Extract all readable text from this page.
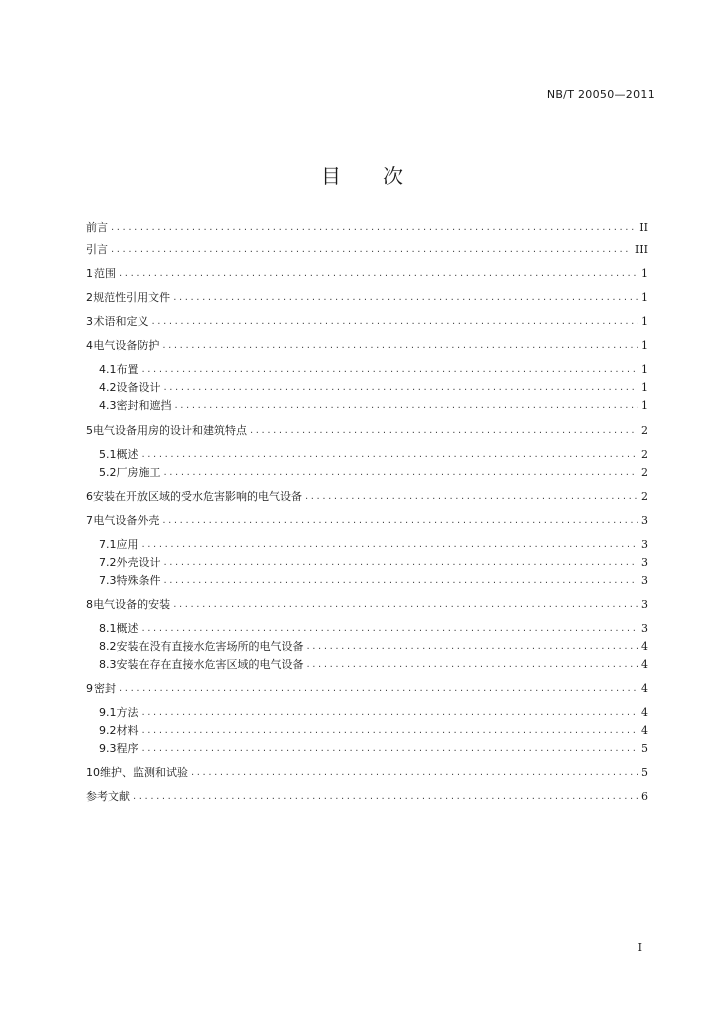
NB/T 20050—2011
目 次
前言 .....	II
引言 .....	III
1 范围 .....	1
2 规范性引用文件 .....	1
3 术语和定义 .....	1
4 电气设备防护 .....	1
4.1 布置 .....	1
4.2 设备设计 .....	1
4.3 密封和遮挡 .....	1
5 电气设备用房的设计和建筑特点 .....	2
5.1 概述 .....	2
5.2 厂房施工 .....	2
6 安装在开放区域的受水危害影响的电气设备 .....	2
7 电气设备外壳 .....	3
7.1 应用 .....	3
7.2 外壳设计 .....	3
7.3 特殊条件 .....	3
8 电气设备的安装 .....	3
8.1 概述 .....	3
8.2 安装在没有直接水危害场所的电气设备 .....	4
8.3 安装在存在直接水危害区域的电气设备 .....	4
9 密封 .....	4
9.1 方法 .....	4
9.2 材料 .....	4
9.3 程序 .....	5
10 维护、监测和试验 .....	5
参考文献 .....	6
I
